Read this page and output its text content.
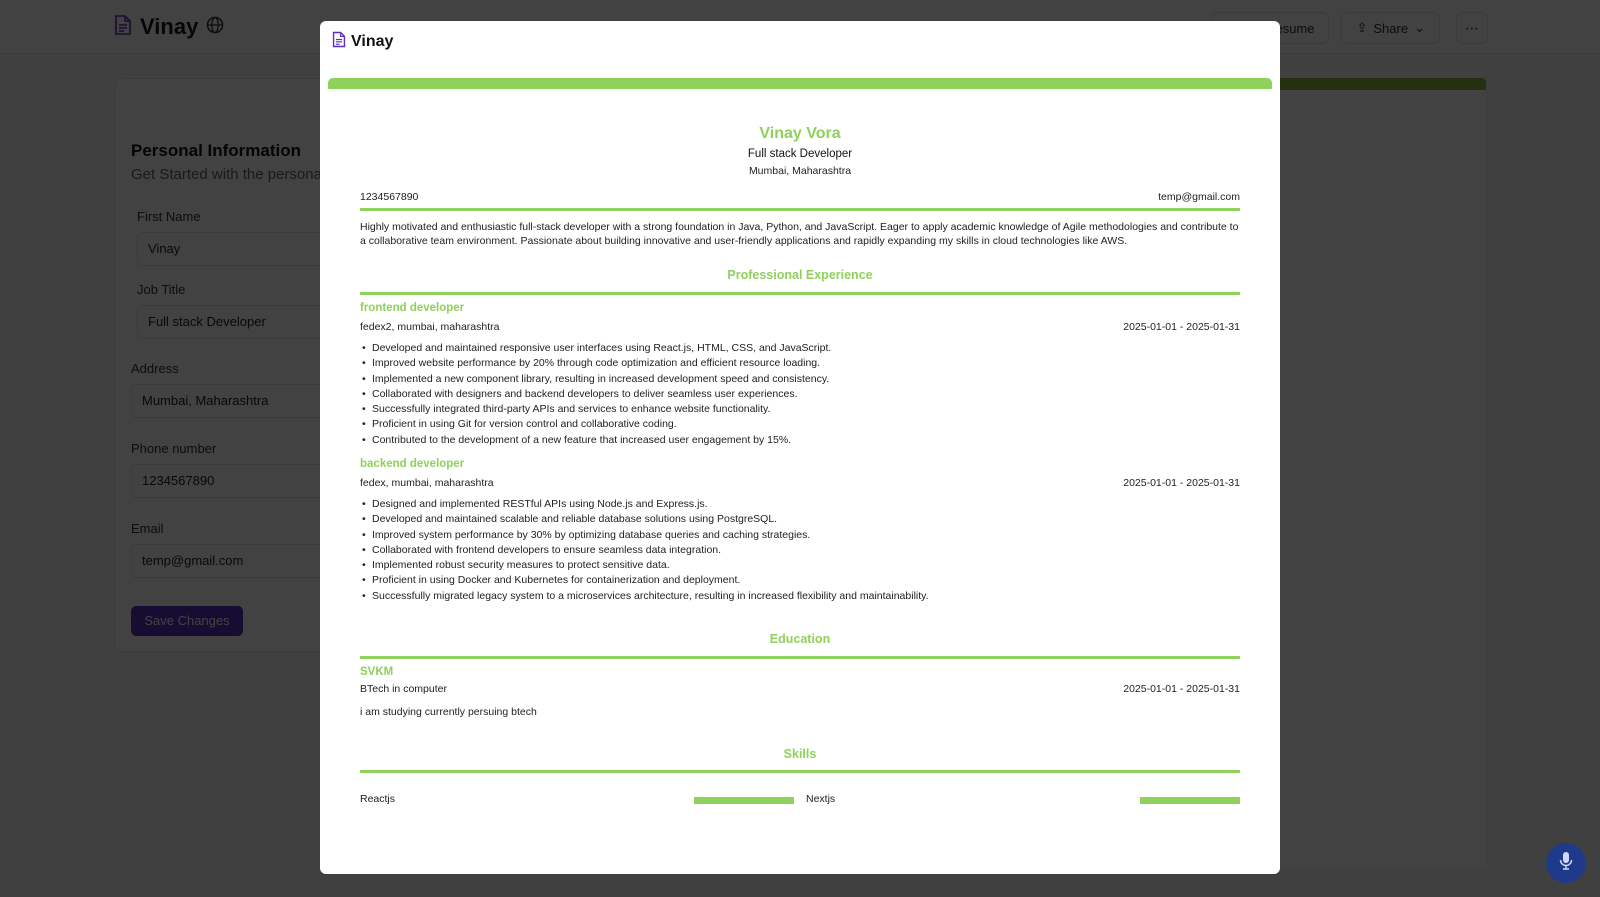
Vinay
Vinay Vora
Full stack Developer
Mumbai, Maharashtra
1234567890	temp@gmail.com
Highly motivated and enthusiastic full-stack developer with a strong foundation in Java, Python, and JavaScript. Eager to apply academic knowledge of Agile methodologies and contribute to a collaborative team environment. Passionate about building innovative and user-friendly applications and rapidly expanding my skills in cloud technologies like AWS.
Professional Experience
frontend developer
fedex2, mumbai, maharashtra	2025-01-01 - 2025-01-31
• Developed and maintained responsive user interfaces using React.js, HTML, CSS, and JavaScript.
• Improved website performance by 20% through code optimization and efficient resource loading.
• Implemented a new component library, resulting in increased development speed and consistency.
• Collaborated with designers and backend developers to deliver seamless user experiences.
• Successfully integrated third-party APIs and services to enhance website functionality.
• Proficient in using Git for version control and collaborative coding.
• Contributed to the development of a new feature that increased user engagement by 15%.
backend developer
fedex, mumbai, maharashtra	2025-01-01 - 2025-01-31
• Designed and implemented RESTful APIs using Node.js and Express.js.
• Developed and maintained scalable and reliable database solutions using PostgreSQL.
• Improved system performance by 30% by optimizing database queries and caching strategies.
• Collaborated with frontend developers to ensure seamless data integration.
• Implemented robust security measures to protect sensitive data.
• Proficient in using Docker and Kubernetes for containerization and deployment.
• Successfully migrated legacy system to a microservices architecture, resulting in increased flexibility and maintainability.
Education
SVKM
BTech in computer	2025-01-01 - 2025-01-31
i am studying currently persuing btech
Skills
Reactjs	Nextjs
